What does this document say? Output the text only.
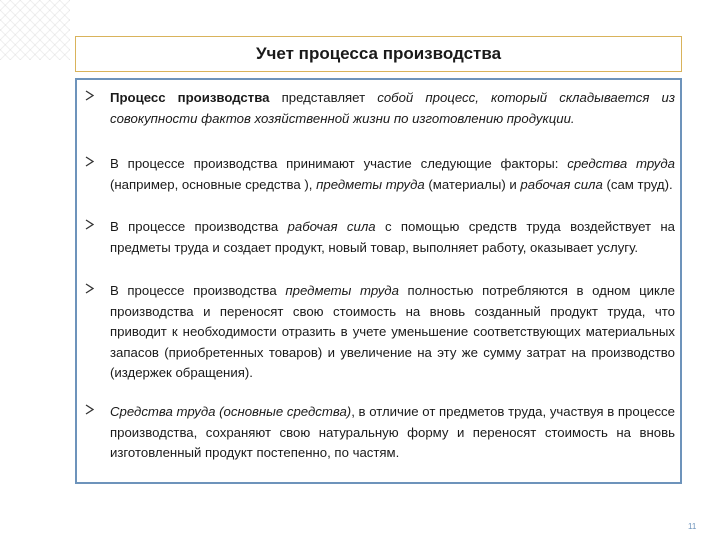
Учет процесса производства
Процесс производства представляет собой процесс, который складывается из совокупности фактов хозяйственной жизни по изготовлению продукции.
В процессе производства принимают участие следующие факторы: средства труда (например, основные средства ), предметы труда (материалы) и рабочая сила (сам труд).
В процессе производства рабочая сила с помощью средств труда воздействует на предметы труда и создает продукт, новый товар, выполняет работу, оказывает услугу.
В процессе производства предметы труда полностью потребляются в одном цикле производства и переносят свою стоимость на вновь созданный продукт труда, что приводит к необходимости отразить в учете уменьшение соответствующих материальных запасов (приобретенных товаров) и увеличение на эту же сумму затрат на производство (издержек обращения).
Средства труда (основные средства), в отличие от предметов труда, участвуя в процессе производства, сохраняют свою натуральную форму и переносят стоимость на вновь изготовленный продукт постепенно, по частям.
11
